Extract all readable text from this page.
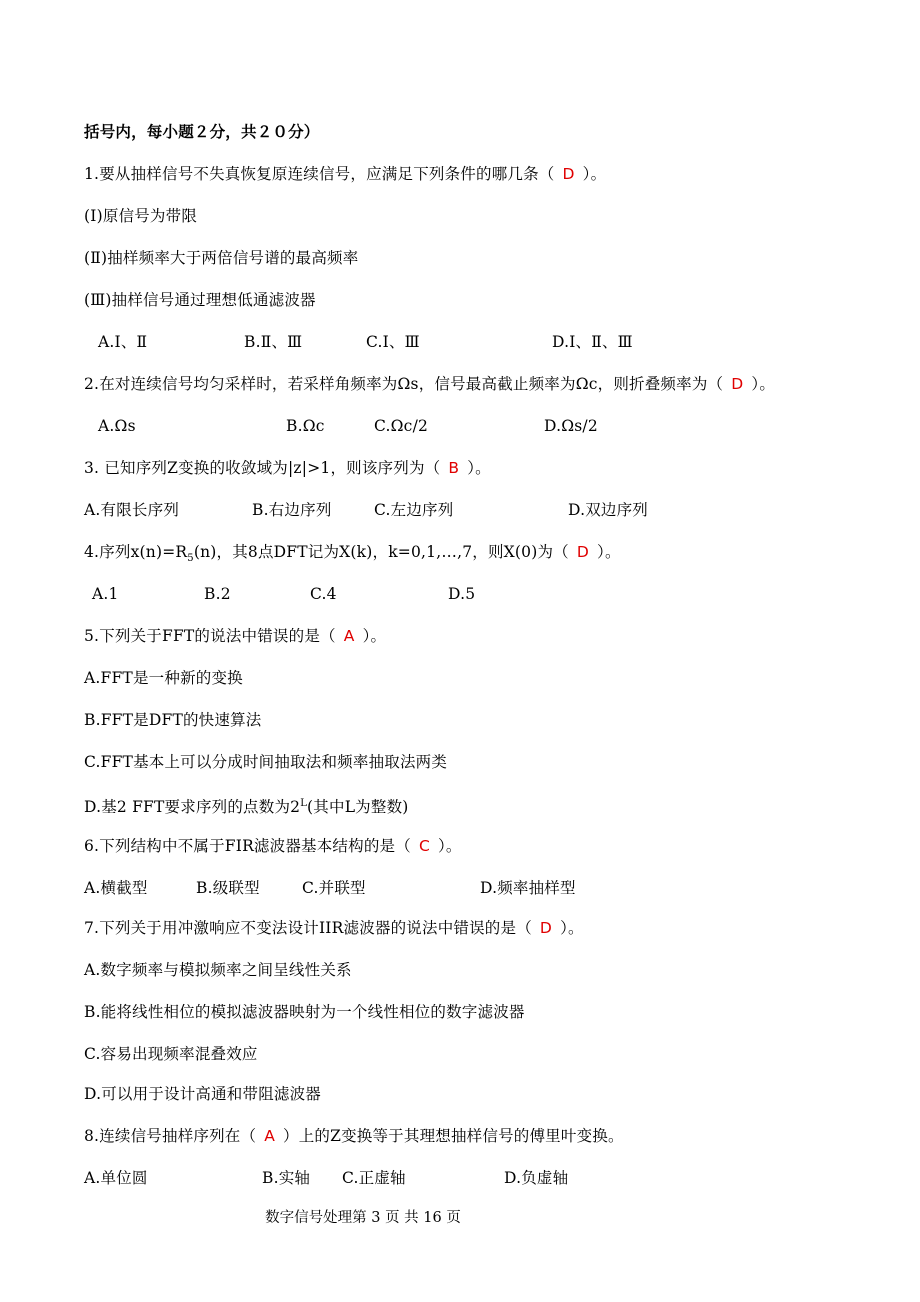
括号内，每小题２分，共２０分）
1.要从抽样信号不失真恢复原连续信号，应满足下列条件的哪几条（ D ）。
(Ⅰ)原信号为带限
(Ⅱ)抽样频率大于两倍信号谱的最高频率
(Ⅲ)抽样信号通过理想低通滤波器
A.Ⅰ、Ⅱ	B.Ⅱ、Ⅲ	C.Ⅰ、Ⅲ	D.Ⅰ、Ⅱ、Ⅲ
2.在对连续信号均匀采样时，若采样角频率为Ωs，信号最高截止频率为Ωc，则折叠频率为（ D ）。
A.Ωs	B.Ωc	C.Ωc/2	D.Ωs/2
3. 已知序列Z变换的收敛域为|z|>1，则该序列为（ B ）。
A.有限长序列	B.右边序列	C.左边序列	D.双边序列
4.序列$x(n)=R_5(n)$，其8点DFT记为X(k)，k=0,1,…,7，则X(0)为（ D ）。
A.1	B.2	C.4	D.5
5.下列关于FFT的说法中错误的是（ A ）。
A.FFT是一种新的变换
B.FFT是DFT的快速算法
C.FFT基本上可以分成时间抽取法和频率抽取法两类
D.基2 FFT要求序列的点数为$2^L$(其中L为整数)
6.下列结构中不属于FIR滤波器基本结构的是（ C ）。
A.横截型	B.级联型	C.并联型	D.频率抽样型
7.下列关于用冲激响应不变法设计IIR滤波器的说法中错误的是（ D ）。
A.数字频率与模拟频率之间呈线性关系
B.能将线性相位的模拟滤波器映射为一个线性相位的数字滤波器
C.容易出现频率混叠效应
D.可以用于设计高通和带阻滤波器
8.连续信号抽样序列在（ A ）上的Z变换等于其理想抽样信号的傅里叶变换。
A.单位圆	B.实轴 C.正虚轴	D.负虚轴
数字信号处理第 3 页 共 16 页
